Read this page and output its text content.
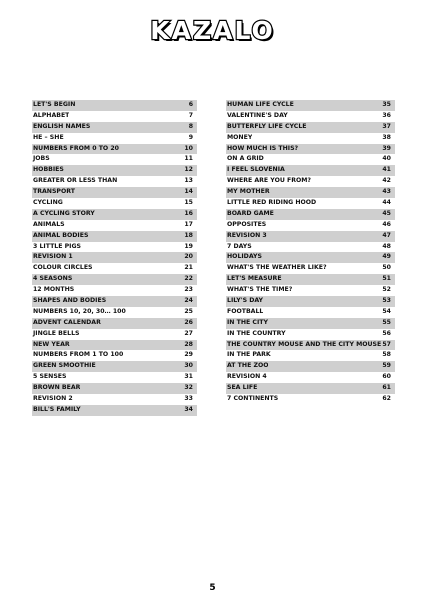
KAZALO
LET'S BEGIN	6
ALPHABET	7
ENGLISH NAMES	8
HE – SHE	9
NUMBERS FROM 0 TO 20	10
JOBS	11
HOBBIES	12
GREATER OR LESS THAN	13
TRANSPORT	14
CYCLING	15
A CYCLING STORY	16
ANIMALS	17
ANIMAL BODIES	18
3 LITTLE PIGS	19
REVISION 1	20
COLOUR CIRCLES	21
4 SEASONS	22
12 MONTHS	23
SHAPES AND BODIES	24
NUMBERS 10, 20, 30… 100	25
ADVENT CALENDAR	26
JINGLE BELLS	27
NEW YEAR	28
NUMBERS FROM 1 TO 100	29
GREEN SMOOTHIE	30
5 SENSES	31
BROWN BEAR	32
REVISION 2	33
BILL'S FAMILY	34
HUMAN LIFE CYCLE	35
VALENTINE'S DAY	36
BUTTERFLY LIFE CYCLE	37
MONEY	38
HOW MUCH IS THIS?	39
ON A GRID	40
I FEEL SLOVENIA	41
WHERE ARE YOU FROM?	42
MY MOTHER	43
LITTLE RED RIDING HOOD	44
BOARD GAME	45
OPPOSITES	46
REVISION 3	47
7 DAYS	48
HOLIDAYS	49
WHAT'S THE WEATHER LIKE?	50
LET'S MEASURE	51
WHAT'S THE TIME?	52
LILY'S DAY	53
FOOTBALL	54
IN THE CITY	55
IN THE COUNTRY	56
THE COUNTRY MOUSE AND THE CITY MOUSE 57
IN THE PARK	58
AT THE ZOO	59
REVISION 4	60
SEA LIFE	61
7 CONTINENTS	62
5
